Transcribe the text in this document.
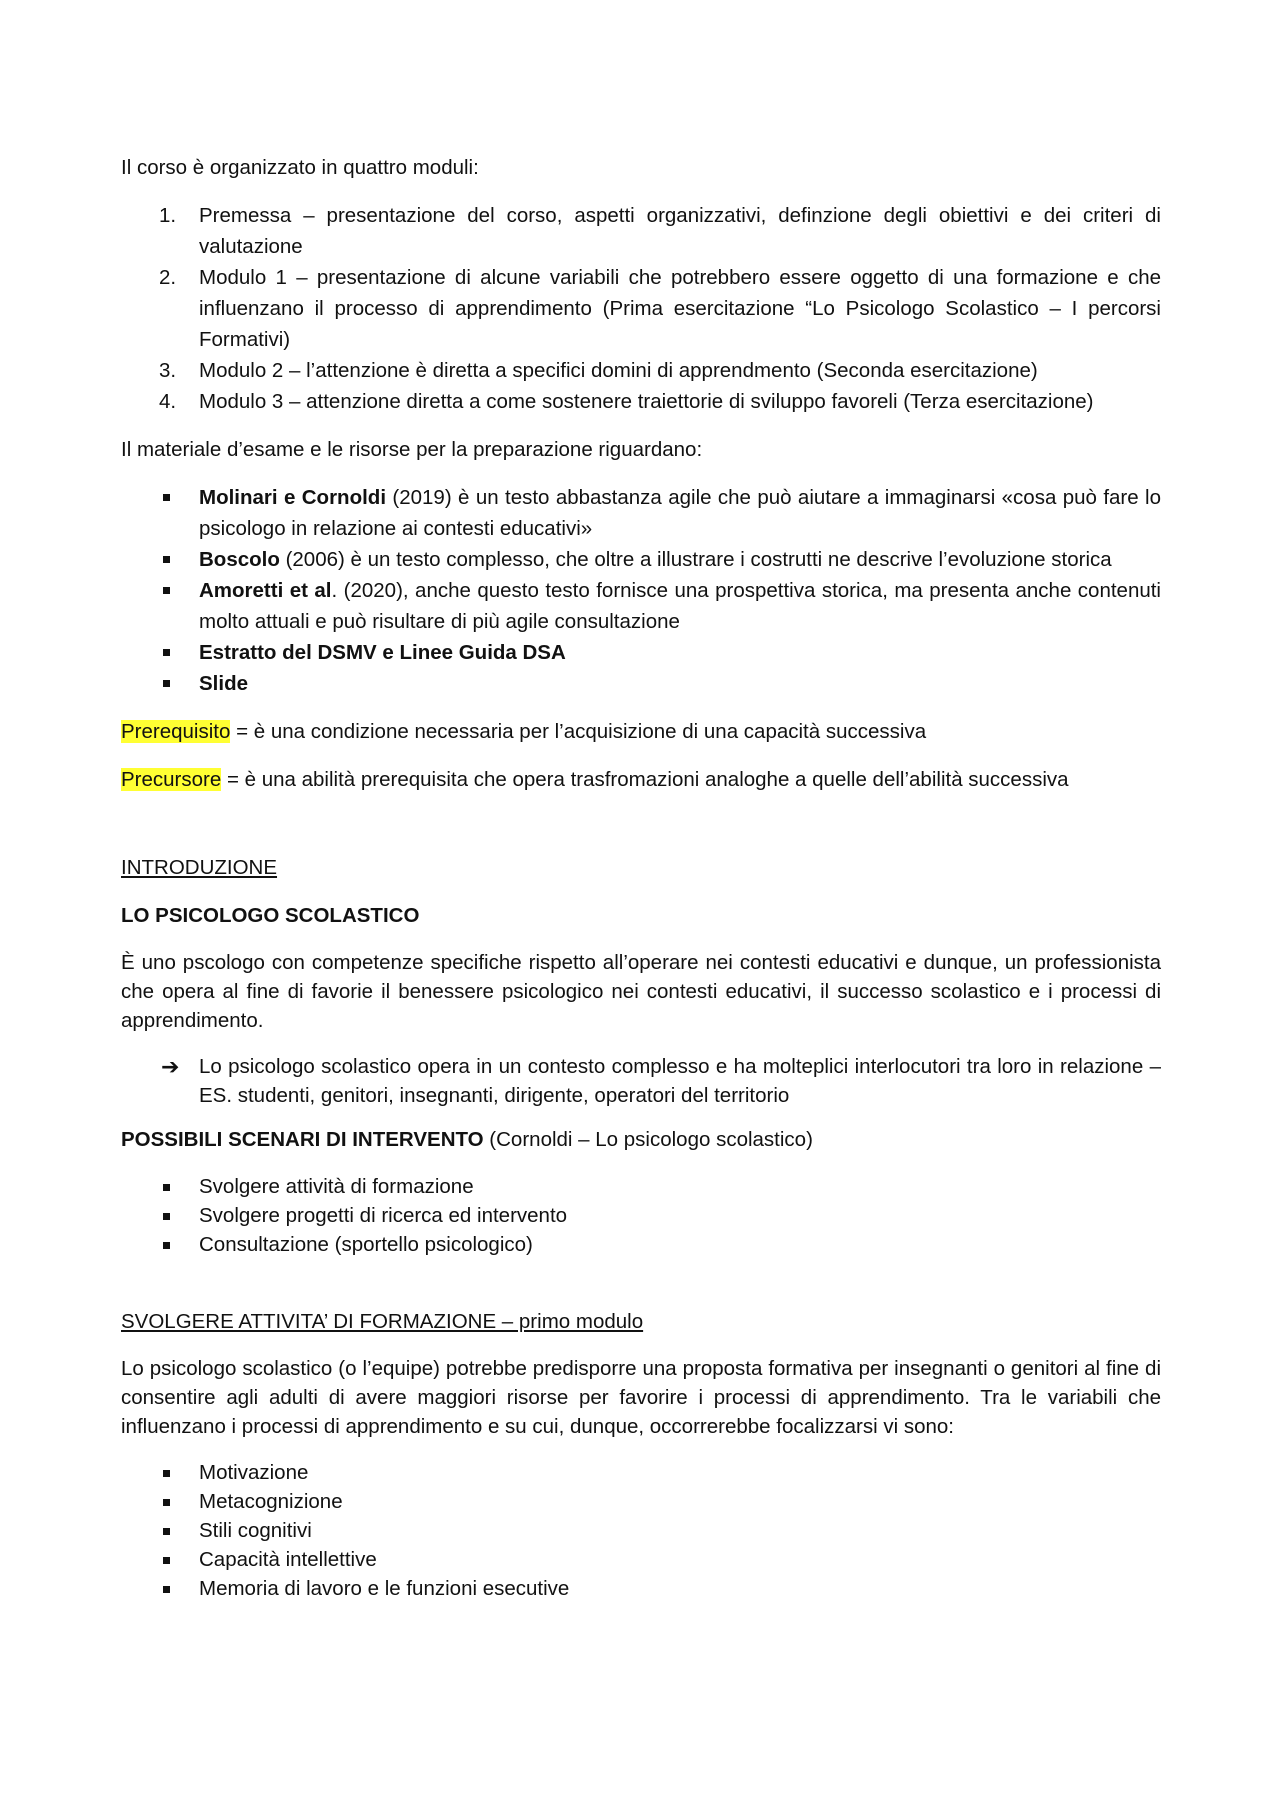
Il corso è organizzato in quattro moduli:

1. Premessa – presentazione del corso, aspetti organizzativi, definzione degli obiettivi e dei criteri di valutazione
2. Modulo 1 – presentazione di alcune variabili che potrebbero essere oggetto di una formazione e che influenzano il processo di apprendimento (Prima esercitazione “Lo Psicologo Scolastico – I percorsi Formativi)
3. Modulo 2 – l’attenzione è diretta a specifici domini di apprendmento (Seconda esercitazione)
4. Modulo 3 – attenzione diretta a come sostenere traiettorie di sviluppo favoreli (Terza esercitazione)

Il materiale d’esame e le risorse per la preparazione riguardano:

Molinari e Cornoldi (2019) è un testo abbastanza agile che può aiutare a immaginarsi «cosa può fare lo psicologo in relazione ai contesti educativi»
Boscolo (2006) è un testo complesso, che oltre a illustrare i costrutti ne descrive l’evoluzione storica
Amoretti et al. (2020), anche questo testo fornisce una prospettiva storica, ma presenta anche contenuti molto attuali e può risultare di più agile consultazione
Estratto del DSMV e Linee Guida DSA
Slide

Prerequisito = è una condizione necessaria per l’acquisizione di una capacità successiva

Precursore = è una abilità prerequisita che opera trasfromazioni analoghe a quelle dell’abilità successiva

INTRODUZIONE

LO PSICOLOGO SCOLASTICO

È uno pscologo con competenze specifiche rispetto all’operare nei contesti educativi e dunque, un professionista che opera al fine di favorie il benessere psicologico nei contesti educativi, il successo scolastico e i processi di apprendimento.

➔ Lo psicologo scolastico opera in un contesto complesso e ha molteplici interlocutori tra loro in relazione – ES. studenti, genitori, insegnanti, dirigente, operatori del territorio

POSSIBILI SCENARI DI INTERVENTO (Cornoldi – Lo psicologo scolastico)

Svolgere attività di formazione
Svolgere progetti di ricerca ed intervento
Consultazione (sportello psicologico)

SVOLGERE ATTIVITA’ DI FORMAZIONE – primo modulo

Lo psicologo scolastico (o l’equipe) potrebbe predisporre una proposta formativa per insegnanti o genitori al fine di consentire agli adulti di avere maggiori risorse per favorire i processi di apprendimento. Tra le variabili che influenzano i processi di apprendimento e su cui, dunque, occorrerebbe focalizzarsi vi sono:

Motivazione
Metacognizione
Stili cognitivi
Capacità intellettive
Memoria di lavoro e le funzioni esecutive
